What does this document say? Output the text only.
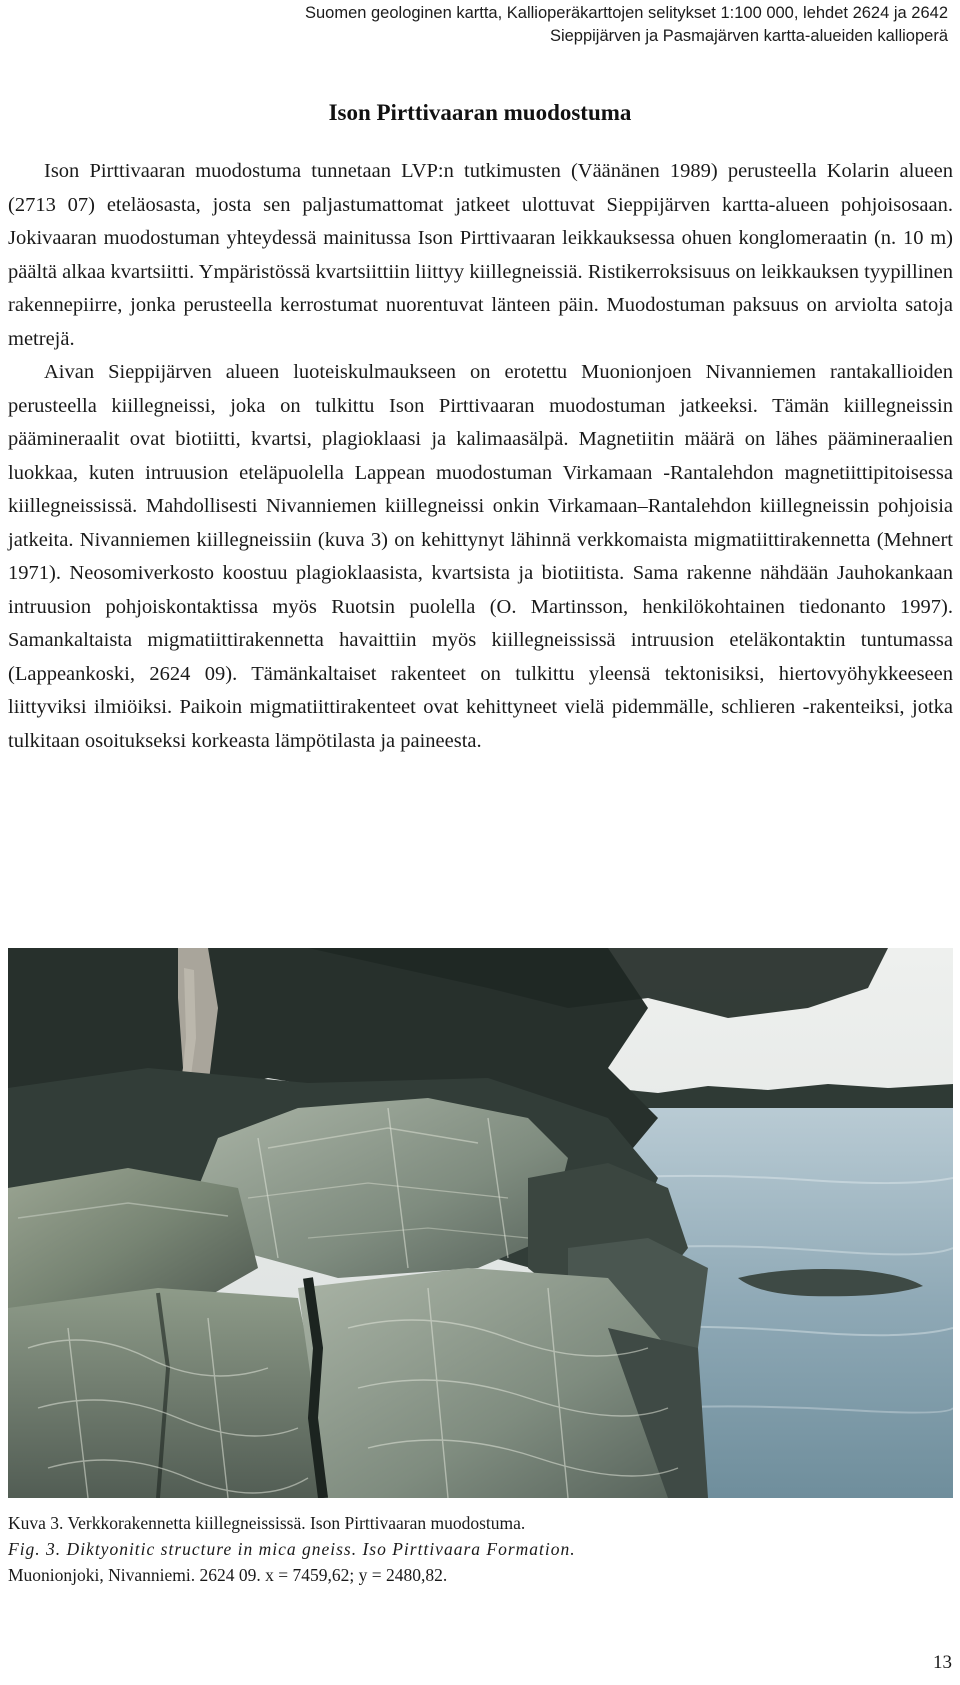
Suomen geologinen kartta, Kallioperäkarttojen selitykset 1:100 000, lehdet 2624 ja 2642
Sieppijärven ja Pasmajärven kartta-alueiden kallioperä
Ison Pirttivaaran muodostuma

Ison Pirttivaaran muodostuma tunnetaan LVP:n tutkimusten (Väänänen 1989) perusteella Kolarin alueen (2713 07) eteläosasta, josta sen paljastumattomat jatkeet ulottuvat Sieppijärven kartta-alueen pohjoisosaan. Jokivaaran muodostuman yhteydessä mainitussa Ison Pirttivaaran leikkauksessa ohuen konglomeraatin (n. 10 m) päältä alkaa kvartsiitti. Ympäristössä kvartsiittiin liittyy kiillegneissiä. Ristikerroksisuus on leikkauksen tyypillinen rakennepiirre, jonka perusteella kerrostumat nuorentuvat länteen päin. Muodostuman paksuus on arviolta satoja metrejä.

Aivan Sieppijärven alueen luoteiskulmaukseen on erotettu Muonionjoen Nivanniemen rantakallioiden perusteella kiillegneissi, joka on tulkittu Ison Pirttivaaran muodostuman jatkeeksi. Tämän kiillegneissin päämineraalit ovat biotiitti, kvartsi, plagioklaasi ja kalimaasälpä. Magnetiitin määrä on lähes päämineraalien luokkaa, kuten intruusion eteläpuolella Lappean muodostuman Virkamaan -Rantalehdon magnetiittipitoisessa kiillegneississä. Mahdollisesti Nivanniemen kiillegneissi onkin Virkamaan–Rantalehdon kiillegneissin pohjoisia jatkeita. Nivanniemen kiillegneissiin (kuva 3) on kehittynyt lähinnä verkkomaista migmatiittirakennetta (Mehnert 1971). Neosomiverkosto koostuu plagioklaasista, kvartsista ja biotiitista. Sama rakenne nähdään Jauhokankaan intruusion pohjoiskontaktissa myös Ruotsin puolella (O. Martinsson, henkilökohtainen tiedonanto 1997). Samankaltaista migmatiittirakennetta havaittiin myös kiillegneississä intruusion eteläkontaktin tuntumassa (Lappeankoski, 2624 09). Tämänkaltaiset rakenteet on tulkittu yleensä tektonisiksi, hiertovyöhykkeeseen liittyviksi ilmiöiksi. Paikoin migmatiittirakenteet ovat kehittyneet vielä pidemmälle, schlieren -rakenteiksi, jotka tulkitaan osoitukseksi korkeasta lämpötilasta ja paineesta.

Kuva 3. Verkkorakennetta kiillegneississä. Ison Pirttivaaran muodostuma.
Fig. 3. Diktyonitic structure in mica gneiss. Iso Pirttivaara Formation.
Muonionjoki, Nivanniemi. 2624 09. x = 7459,62; y = 2480,82.
13
